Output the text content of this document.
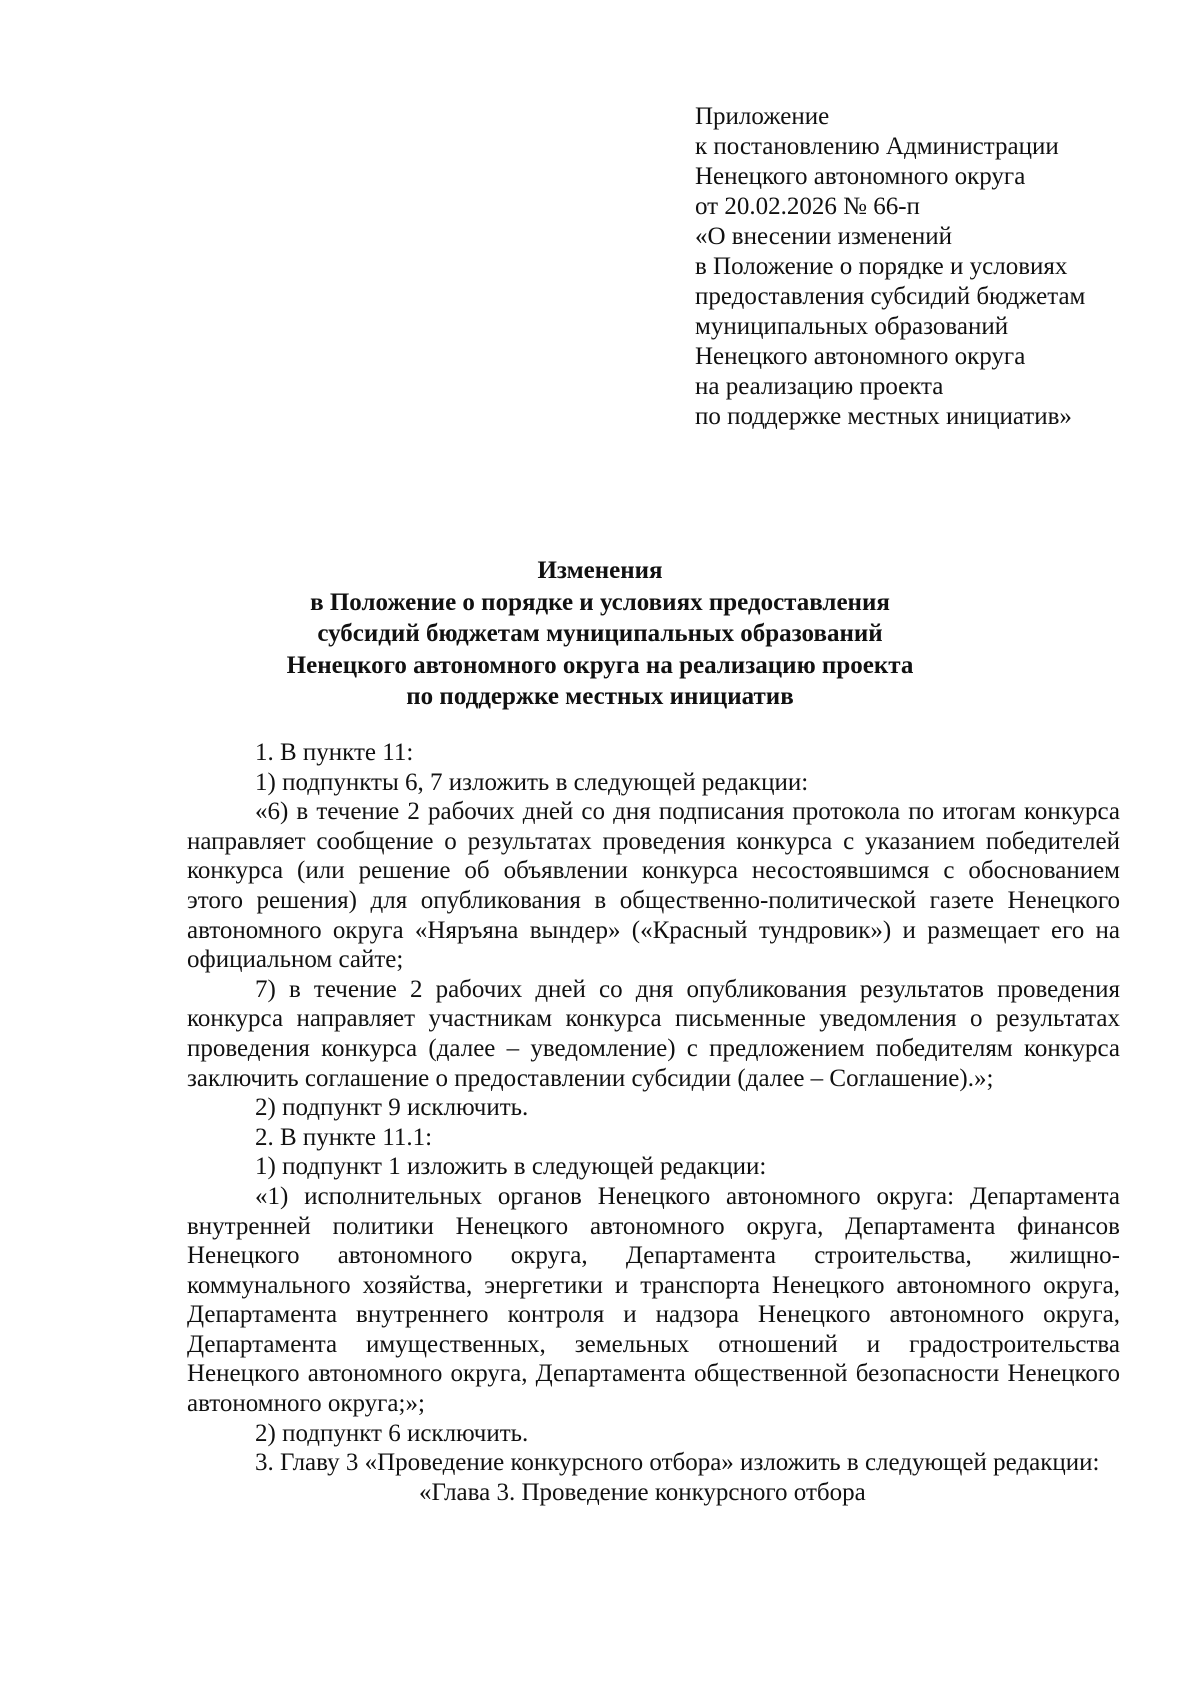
Приложение
к постановлению Администрации
Ненецкого автономного округа
от 20.02.2026 № 66-п
«О внесении изменений
в Положение о порядке и условиях
предоставления субсидий бюджетам
муниципальных образований
Ненецкого автономного округа
на реализацию проекта
по поддержке местных инициатив»
Изменения
в Положение о порядке и условиях предоставления
субсидий бюджетам муниципальных образований
Ненецкого автономного округа на реализацию проекта
по поддержке местных инициатив

1. В пункте 11:

1) подпункты 6, 7 изложить в следующей редакции:

«6) в течение 2 рабочих дней со дня подписания протокола по итогам конкурса направляет сообщение о результатах проведения конкурса с указанием победителей конкурса (или решение об объявлении конкурса несостоявшимся с обоснованием этого решения) для опубликования в общественно-политической газете Ненецкого автономного округа «Няръяна вындер» («Красный тундровик») и размещает его на официальном сайте;

7) в течение 2 рабочих дней со дня опубликования результатов проведения конкурса направляет участникам конкурса письменные уведомления о результатах проведения конкурса (далее – уведомление) с предложением победителям конкурса заключить соглашение о предоставлении субсидии (далее – Соглашение).»;

2) подпункт 9 исключить.

2. В пункте 11.1:

1) подпункт 1 изложить в следующей редакции:

«1) исполнительных органов Ненецкого автономного округа: Департамента внутренней политики Ненецкого автономного округа, Департамента финансов Ненецкого автономного округа, Департамента строительства, жилищно-коммунального хозяйства, энергетики и транспорта Ненецкого автономного округа, Департамента внутреннего контроля и надзора Ненецкого автономного округа, Департамента имущественных, земельных отношений и градостроительства Ненецкого автономного округа, Департамента общественной безопасности Ненецкого автономного округа;»;

2) подпункт 6 исключить.

3. Главу 3 «Проведение конкурсного отбора» изложить в следующей редакции:

«Глава 3. Проведение конкурсного отбора
